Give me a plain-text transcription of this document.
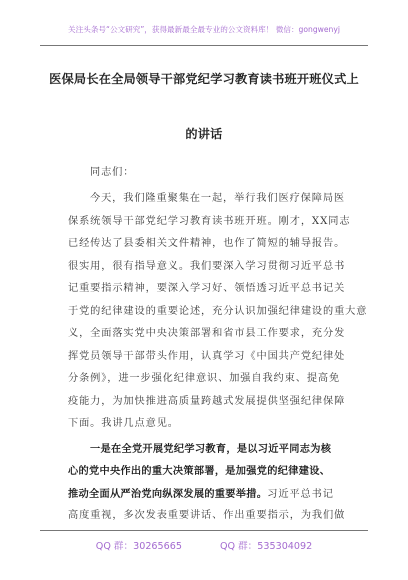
关注头条号“公文研究”，获得最新最全最专业的公文资料库！ 微信：gongwenyj
医保局长在全局领导干部党纪学习教育读书班开班仪式上
的讲话
同志们：
今天，我们隆重聚集在一起，举行我们医疗保障局医
保系统领导干部党纪学习教育读书班开班。刚才，XX同志
已经传达了县委相关文件精神，也作了简短的辅导报告。
很实用，很有指导意义。我们要深入学习贯彻习近平总书
记重要指示精神，要深入学习好、领悟透习近平总书记关
于党的纪律建设的重要论述，充分认识加强纪律建设的重大意
义，全面落实党中央决策部署和省市县工作要求，充分发
挥党员领导干部带头作用，认真学习《中国共产党纪律处
分条例》，进一步强化纪律意识、加强自我约束、提高免
疫能力，为加快推进高质量跨越式发展提供坚强纪律保障
下面。我讲几点意见。
一是在全党开展党纪学习教育，是以习近平同志为核
心的党中央作出的重大决策部署，是加强党的纪律建设、
推动全面从严治党向纵深发展的重要举措。习近平总书记
高度重视，多次发表重要讲话、作出重要指示，为我们做
QQ 群：30265665	QQ 群：535304092
